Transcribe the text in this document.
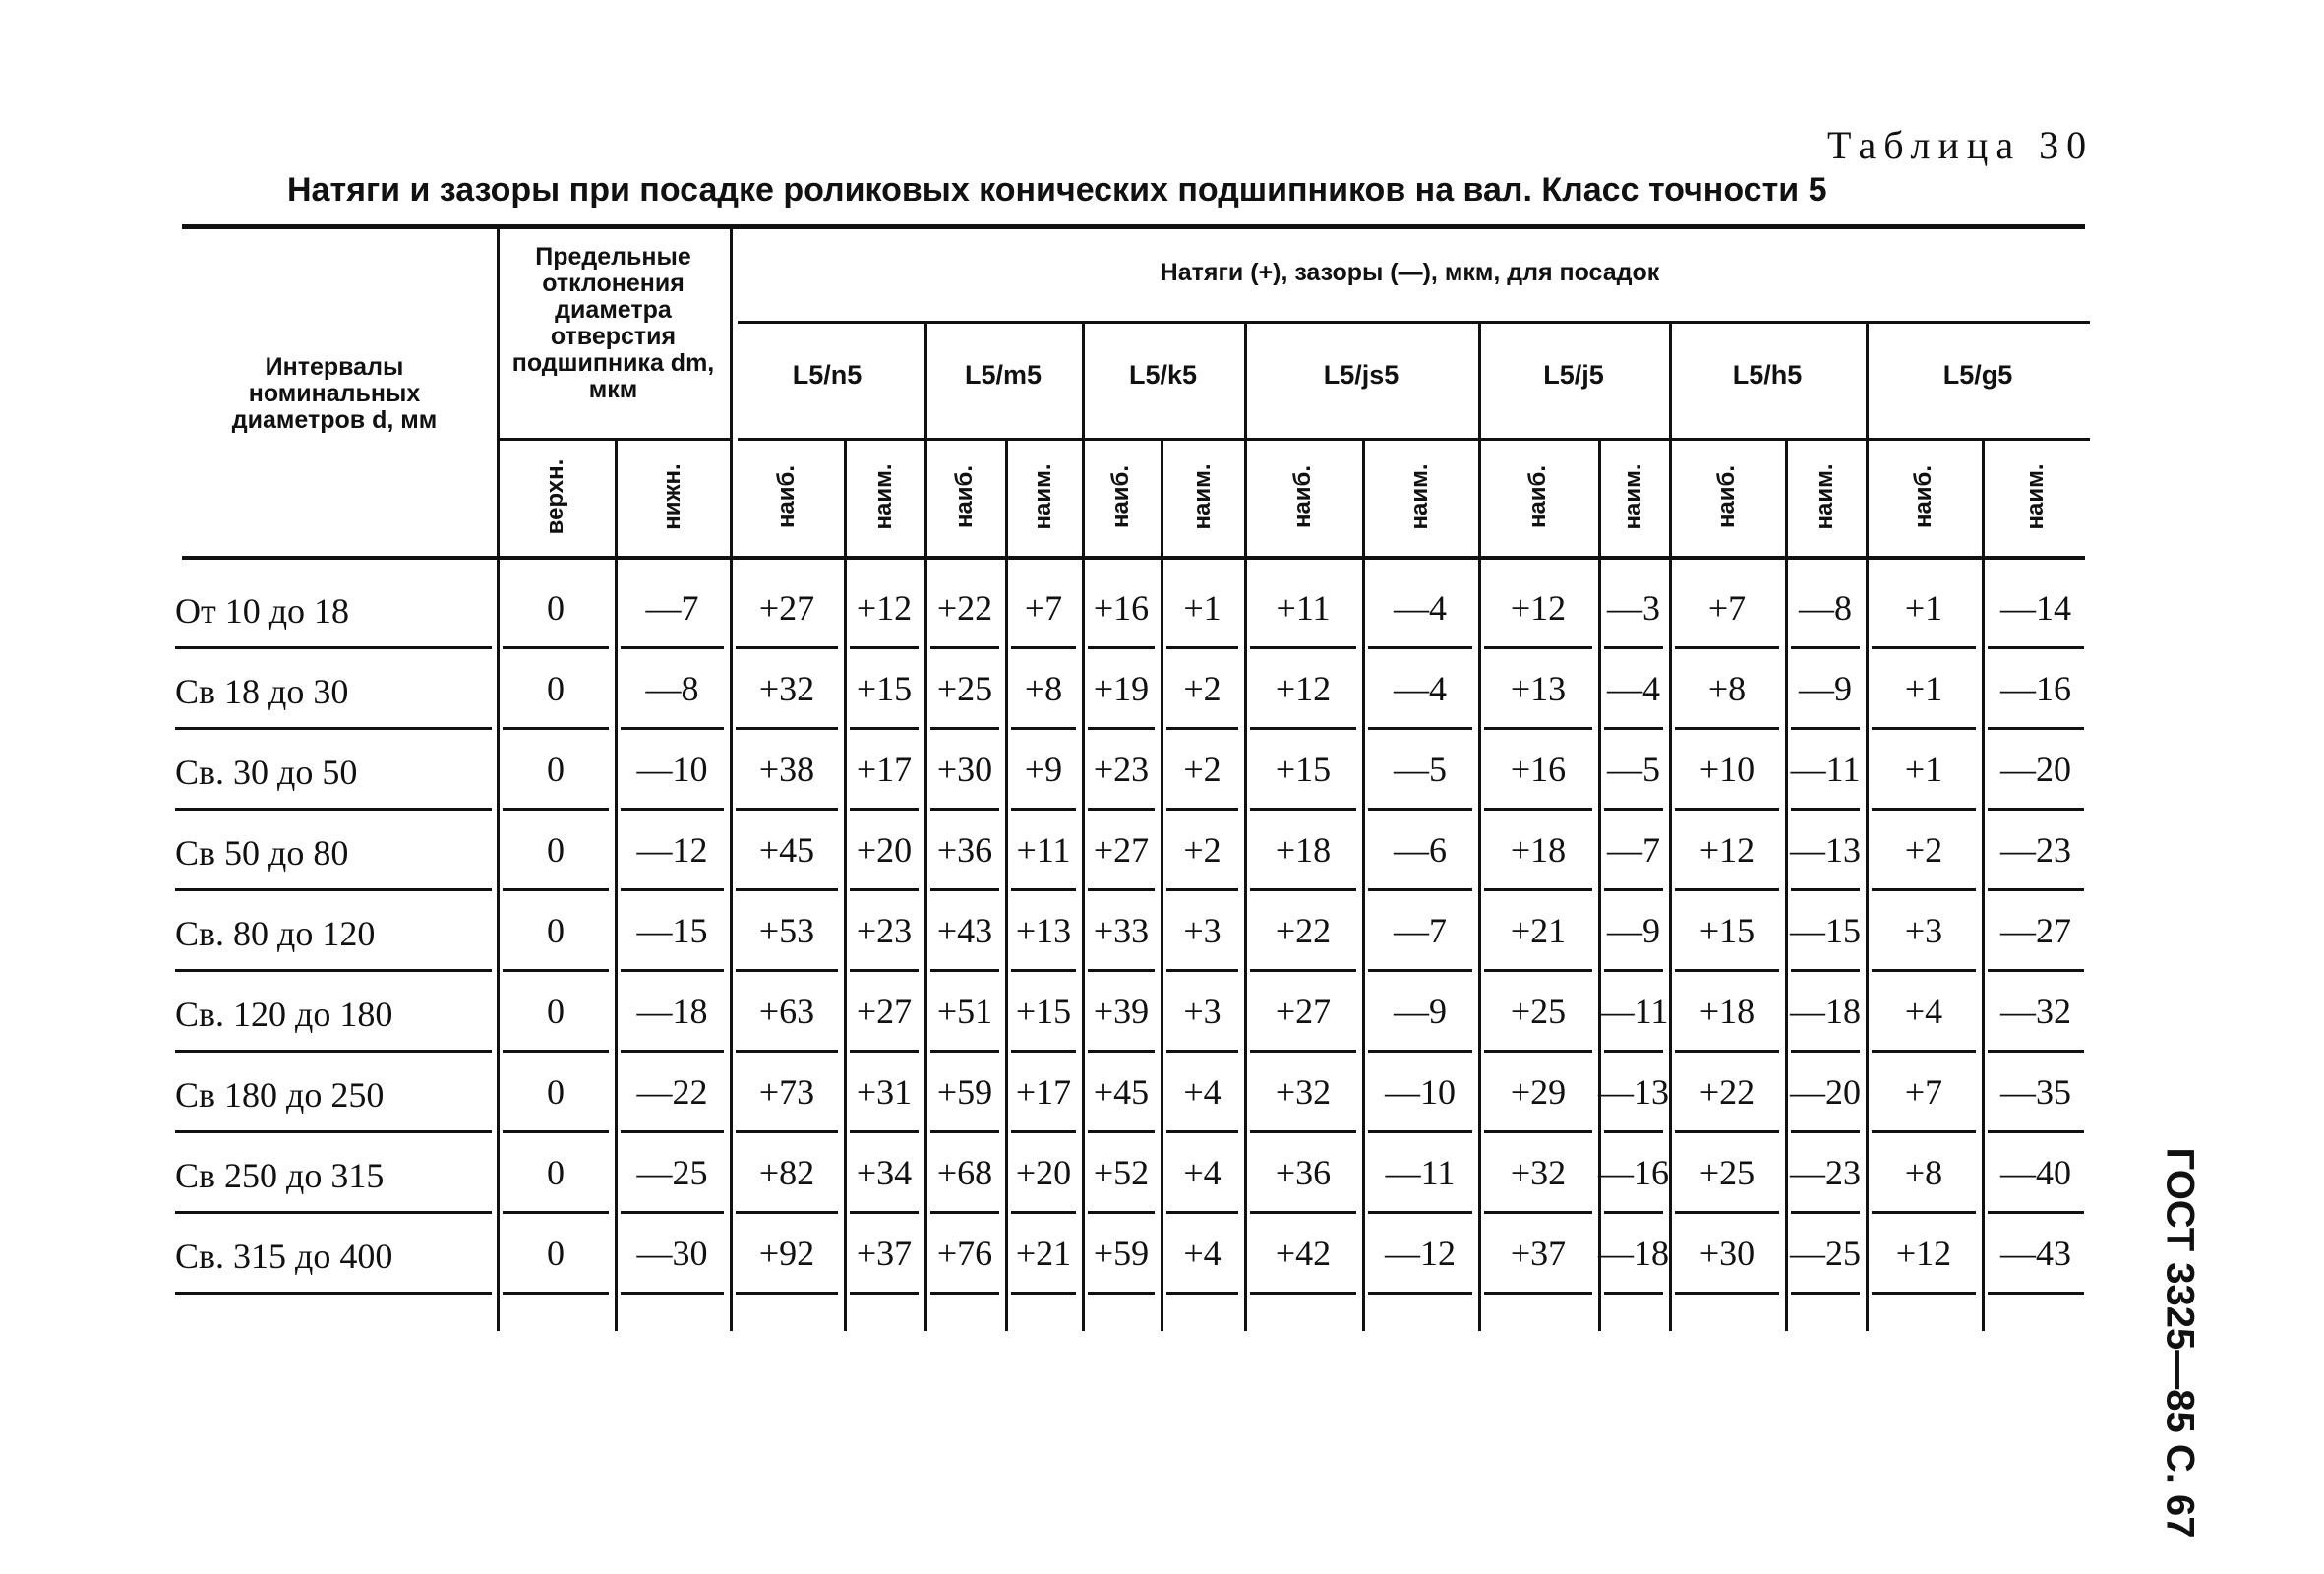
Таблица 30
Натяги и зазоры при посадке роликовых конических подшипников на вал. Класс точности 5
ГОСТ 3325—85 С. 67
Интервалы номинальных диаметров d, мм
Предельные отклонения диаметра отверстия подшипника dm, мкм
Натяги (+), зазоры (—), мкм, для посадок
L5/n5	L5/m5	L5/k5	L5/js5	L5/j5	L5/h5	L5/g5
верхн.	нижн.	наиб.	наим. наиб. наим. наиб. наим.	наиб.	наим.	наиб.	наим.	наиб.	наим.	наиб.	наим.
От 10 до 18	0	—7	+27	+12 +22 +7 +16 +1	+11	—4	+12	—3	+7	—8	+1	—14
Св 18 до 30	0	—8	+32	+15 +25 +8 +19 +2	+12	—4	+13	—4	+8	—9	+1	—16
Св. 30 до 50	0	—10	+38	+17 +30 +9 +23 +2	+15	—5	+16	—5	+10	—11	+1	—20
Св 50 до 80	0	—12	+45	+20 +36 +11 +27 +2	+18	—6	+18	—7	+12 —13	+2	—23
Св. 80 до 120	0	—15	+53	+23 +43 +13 +33 +3	+22	—7	+21	—9	+15 —15	+3	—27
Св. 120 до 180	0	—18	+63	+27 +51 +15 +39 +3	+27	—9	+25 —11 +18 —18	+4	—32
Св 180 до 250	0	—22	+73	+31 +59 +17 +45 +4	+32	—10	+29 —13 +22 —20	+7	—35
Св 250 до 315	0	—25	+82	+34 +68 +20 +52 +4	+36	—11	+32 —16 +25 —23	+8	—40
Св. 315 до 400	0	—30	+92	+37 +76 +21 +59 +4	+42	—12	+37 —18 +30 —25 +12	—43
